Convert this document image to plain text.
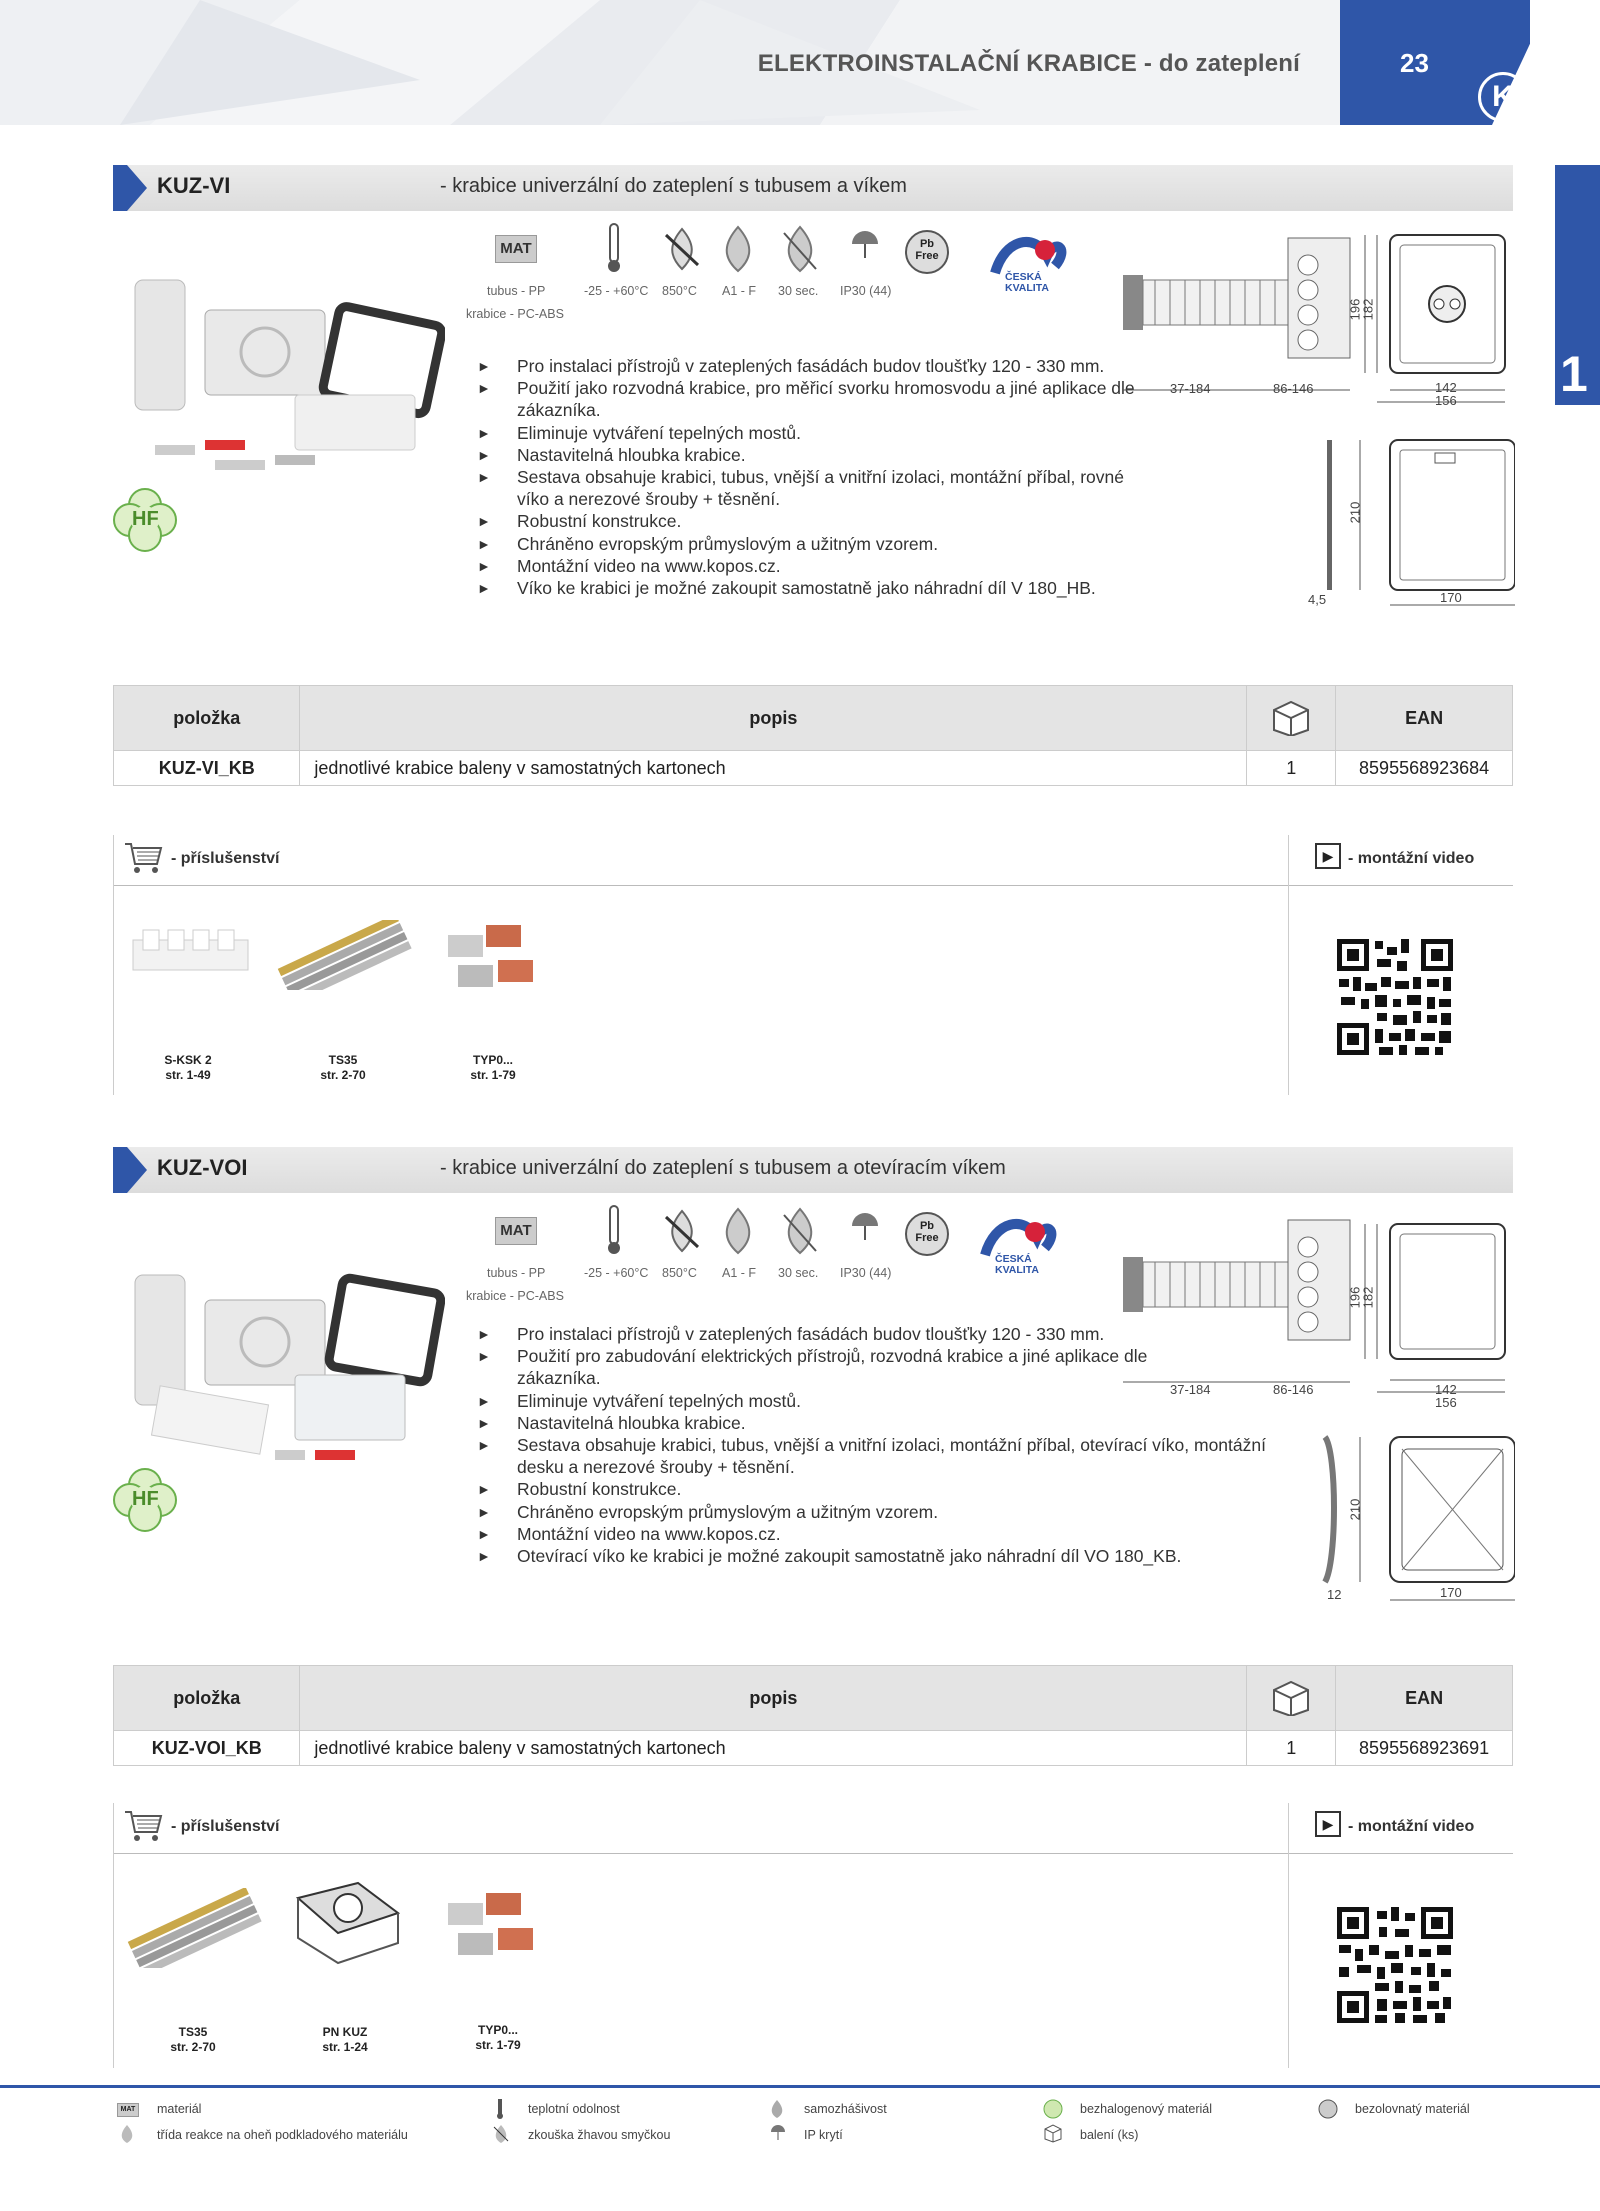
ELEKTROINSTALAČNÍ KRABICE - do zateplení	23
K
1
KUZ-VI	- krabice univerzální do zateplení s tubusem a víkem
HF
MAT
tubus - PP
krabice - PC-ABS
-25 - +60°C 850°C A1 - F 30 sec. IP30 (44)
Pb
Free
ČESKÁ
KVALITA
► Pro instalaci přístrojů v zateplených fasádách budov tloušťky 120 - 330 mm.
► Použití jako rozvodná krabice, pro měřicí svorku hromosvodu a jiné aplikace dle zákazníka.
► Eliminuje vytváření tepelných mostů.
► Nastavitelná hloubka krabice.
► Sestava obsahuje krabici, tubus, vnější a vnitřní izolaci, montážní příbal, rovné víko a nerezové šrouby + těsnění.
► Robustní konstrukce.
► Chráněno evropským průmyslovým a užitným vzorem.
► Montážní video na www.kopos.cz.
► Víko ke krabici je možné zakoupit samostatně jako náhradní díl V 180_HB.
37-184	86-146
196
182
142
156
210
4,5	170
položka	popis		EAN
KUZ-VI_KB	jednotlivé krabice baleny v samostatných kartonech	1	8595568923684
- příslušenství	▶ - montážní video
S-KSK 2
str. 1-49
TS35
str. 2-70
TYP0...
str. 1-79
KUZ-VOI	- krabice univerzální do zateplení s tubusem a otevíracím víkem
HF
MAT
tubus - PP
krabice - PC-ABS
-25 - +60°C 850°C A1 - F 30 sec. IP30 (44)
Pb
Free
ČESKÁ
KVALITA
► Pro instalaci přístrojů v zateplených fasádách budov tloušťky 120 - 330 mm.
► Použití pro zabudování elektrických přístrojů, rozvodná krabice a jiné aplikace dle zákazníka.
► Eliminuje vytváření tepelných mostů.
► Nastavitelná hloubka krabice.
► Sestava obsahuje krabici, tubus, vnější a vnitřní izolaci, montážní příbal, otevírací víko, montážní desku a nerezové šrouby + těsnění.
► Robustní konstrukce.
► Chráněno evropským průmyslovým a užitným vzorem.
► Montážní video na www.kopos.cz.
► Otevírací víko ke krabici je možné zakoupit samostatně jako náhradní díl VO 180_KB.
37-184	86-146
196
182
142
156
210
12	170
položka	popis		EAN
KUZ-VOI_KB	jednotlivé krabice baleny v samostatných kartonech	1	8595568923691
- příslušenství	▶ - montážní video
TS35
str. 2-70
PN KUZ
str. 1-24
TYP0...
str. 1-79
MAT materiál	teplotní odolnost	samozhášivost	bezhalogenový materiál	bezolovnatý materiál
třída reakce na oheň podkladového materiálu	zkouška žhavou smyčkou	IP krytí	balení (ks)
